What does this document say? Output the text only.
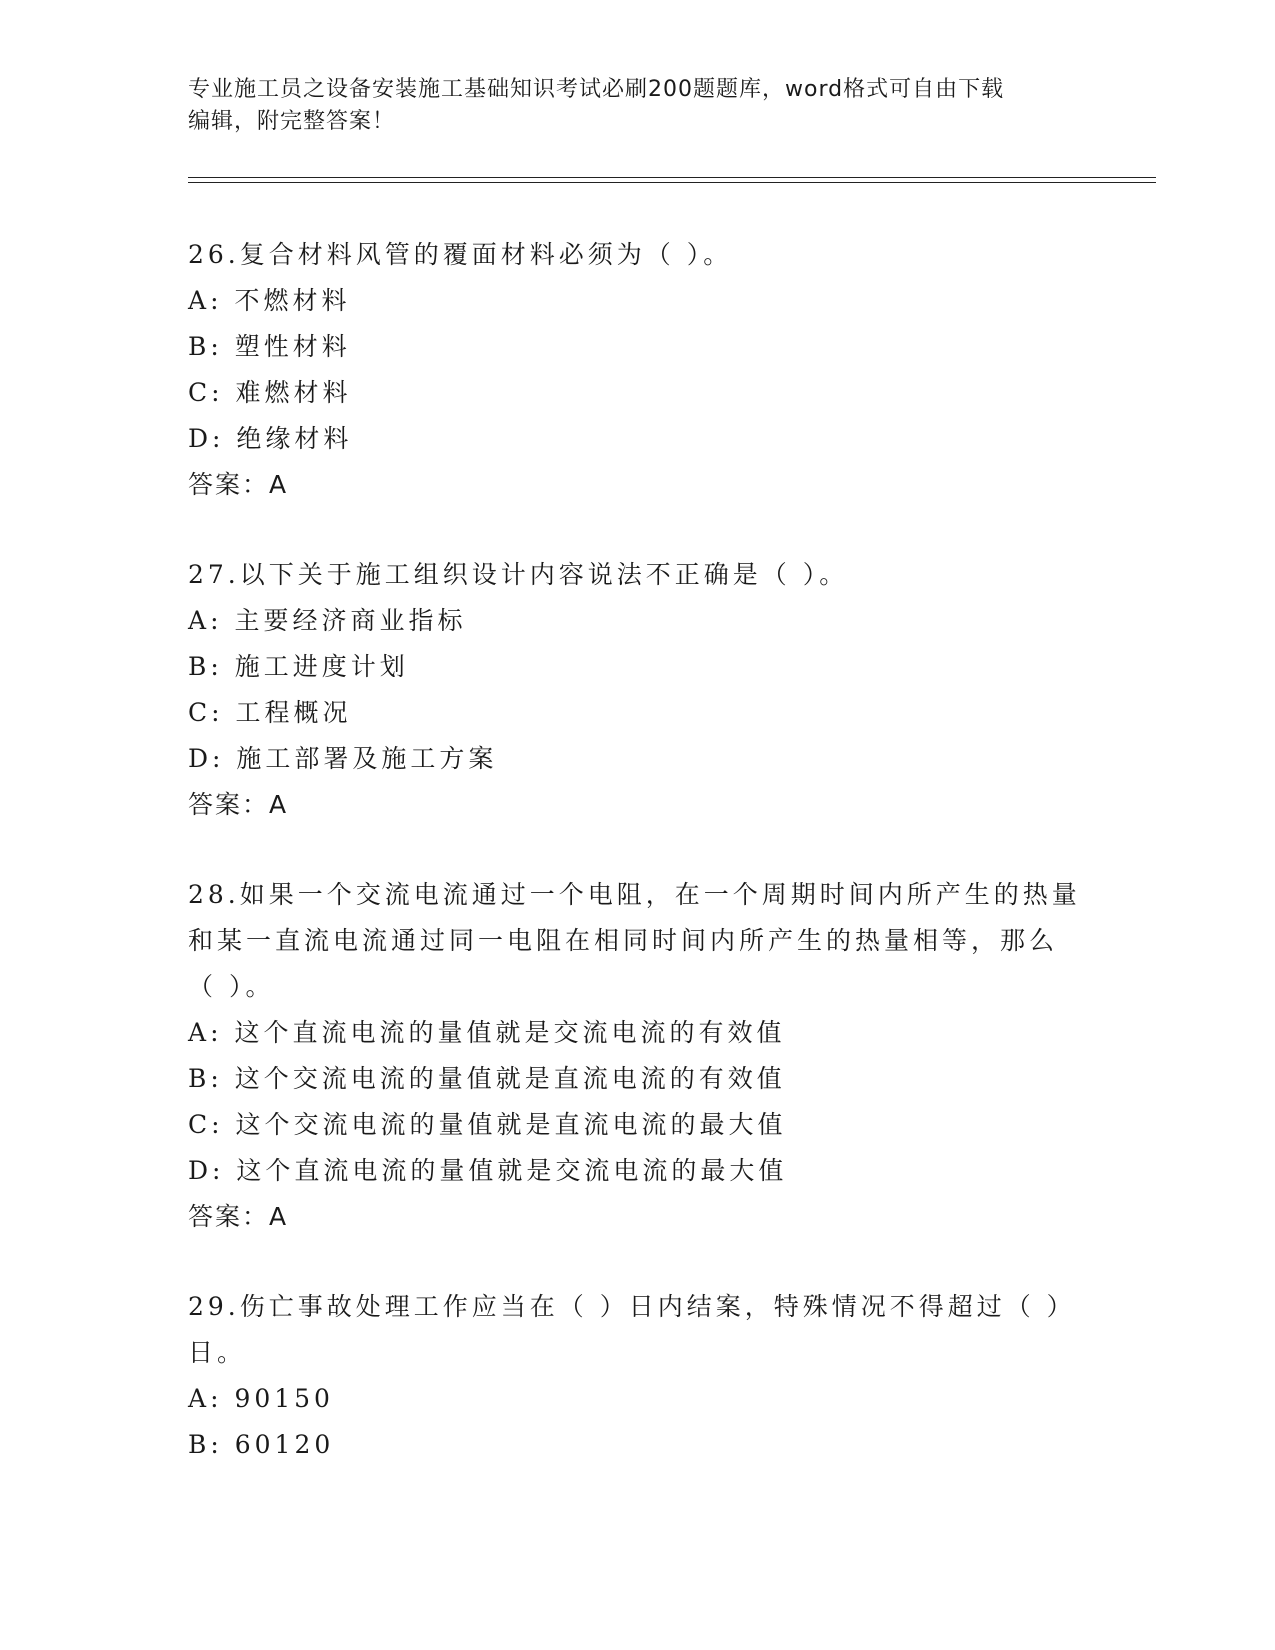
专业施工员之设备安装施工基础知识考试必刷200题题库，word格式可自由下载
编辑，附完整答案！
26.复合材料风管的覆面材料必须为（ ）。
A: 不燃材料
B: 塑性材料
C: 难燃材料
D: 绝缘材料
答案：A
27.以下关于施工组织设计内容说法不正确是（ ）。
A: 主要经济商业指标
B: 施工进度计划
C: 工程概况
D: 施工部署及施工方案
答案：A
28.如果一个交流电流通过一个电阻，在一个周期时间内所产生的热量
和某一直流电流通过同一电阻在相同时间内所产生的热量相等，那么
（ ）。
A: 这个直流电流的量值就是交流电流的有效值
B: 这个交流电流的量值就是直流电流的有效值
C: 这个交流电流的量值就是直流电流的最大值
D: 这个直流电流的量值就是交流电流的最大值
答案：A
29.伤亡事故处理工作应当在（ ）日内结案，特殊情况不得超过（ ）
日。
A: 90150
B: 60120
